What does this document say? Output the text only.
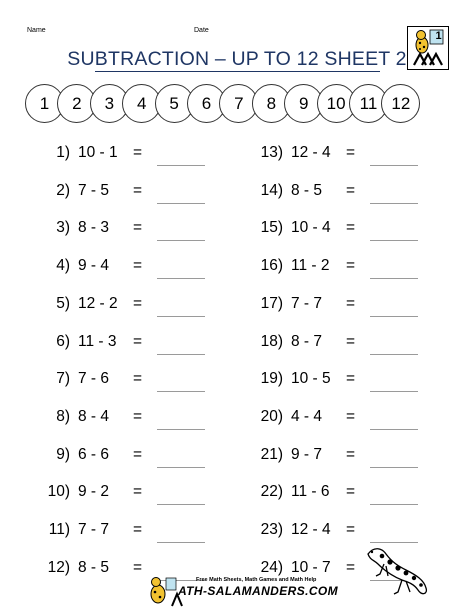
Name	Date
SUBTRACTION – UP TO 12 SHEET 2
1
1	2	3	4	5	6	7	8	9	10 11 12
1) 10 - 1 =
2) 7 - 5 =
3) 8 - 3 =
4) 9 - 4 =
5) 12 - 2 =
6) 11 - 3 =
7) 7 - 6 =
8) 8 - 4 =
9) 6 - 6 =
10) 9 - 2 =
11) 7 - 7 =
12) 8 - 5 =
13) 12 - 4 =
14) 8 - 5 =
15) 10 - 4 =
16) 11 - 2 =
17) 7 - 7 =
18) 8 - 7 =
19) 10 - 5 =
20) 4 - 4 =
21) 9 - 7 =
22) 11 - 6 =
23) 12 - 4 =
24) 10 - 7 =
Free Math Sheets, Math Games and Math Help
ATH-SALAMANDERS.COM
